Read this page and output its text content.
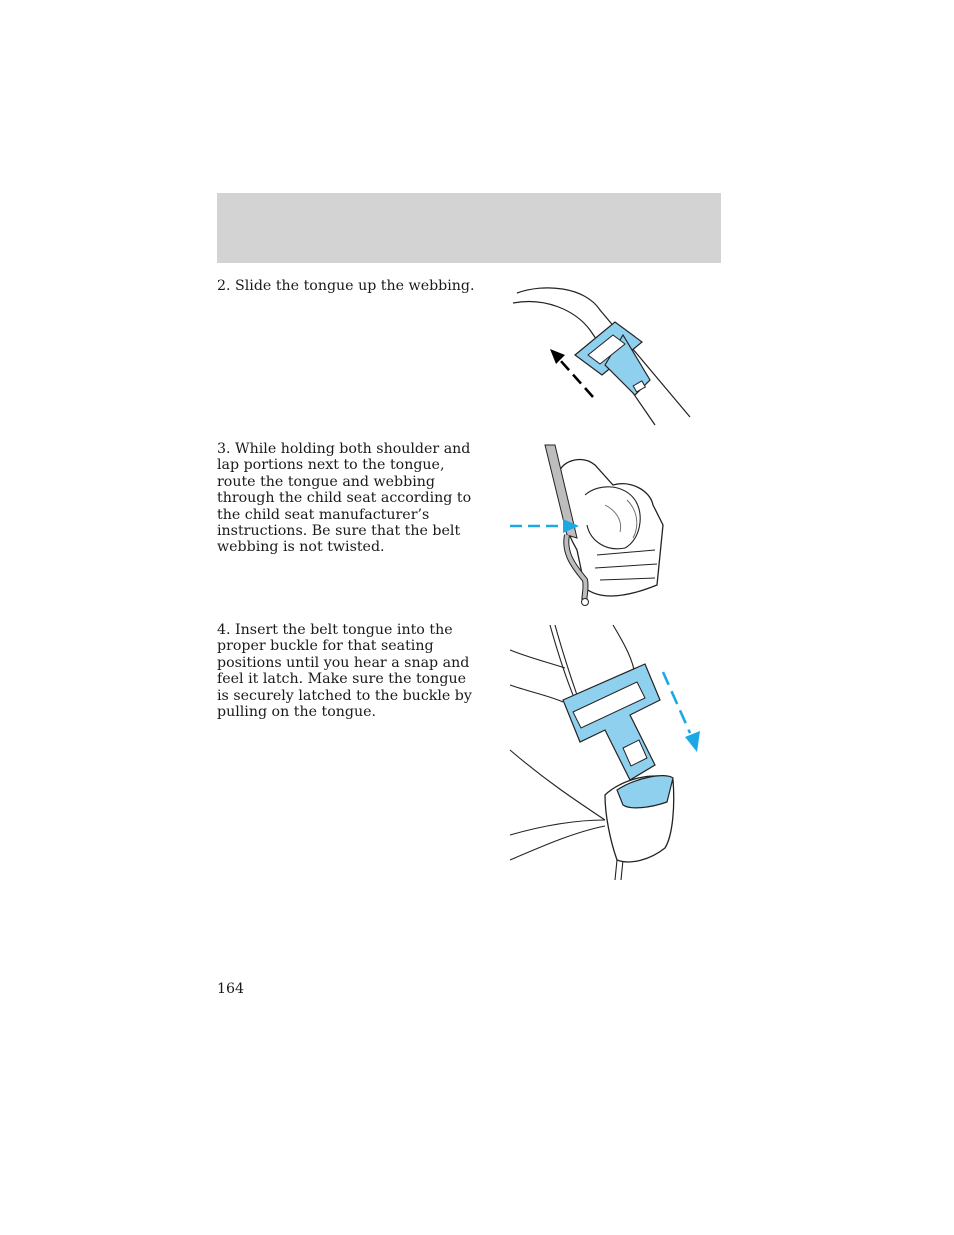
2. Slide the tongue up the webbing.

3. While holding both shoulder and lap portions next to the tongue, route the tongue and webbing through the child seat according to the child seat manufacturer’s instructions. Be sure that the belt webbing is not twisted.

4. Insert the belt tongue into the proper buckle for that seating positions until you hear a snap and feel it latch. Make sure the tongue is securely latched to the buckle by pulling on the tongue.

164
